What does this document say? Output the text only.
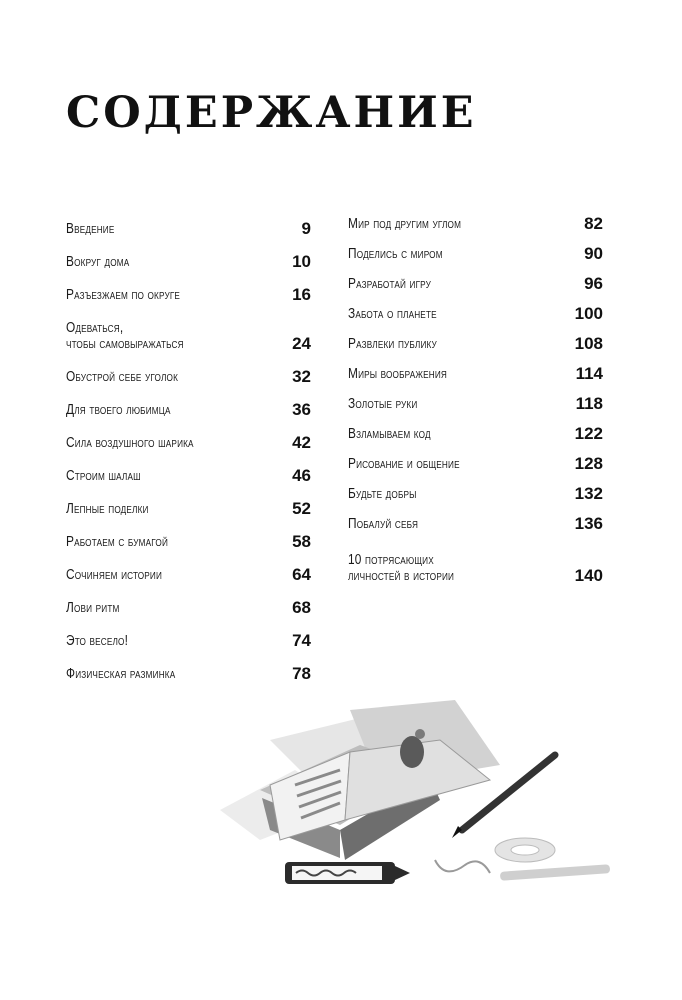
СОДЕРЖАНИЕ
Введение	9
Вокруг дома	10
Разъезжаем по округе	16
Одеваться,
чтобы самовыражаться	24
Обустрой себе уголок	32
Для твоего любимца	36
Сила воздушного шарика	42
Строим шалаш	46
Лепные поделки	52
Работаем с бумагой	58
Сочиняем истории	64
Лови ритм	68
Это весело!	74
Физическая разминка	78
Мир под другим углом	82
Поделись с миром	90
Разработай игру	96
Забота о планете	100
Развлеки публику	108
Миры воображения	114
Золотые руки	118
Взламываем код	122
Рисование и общение	128
Будьте добры	132
Побалуй себя	136
10 потрясающих
личностей в истории	140
